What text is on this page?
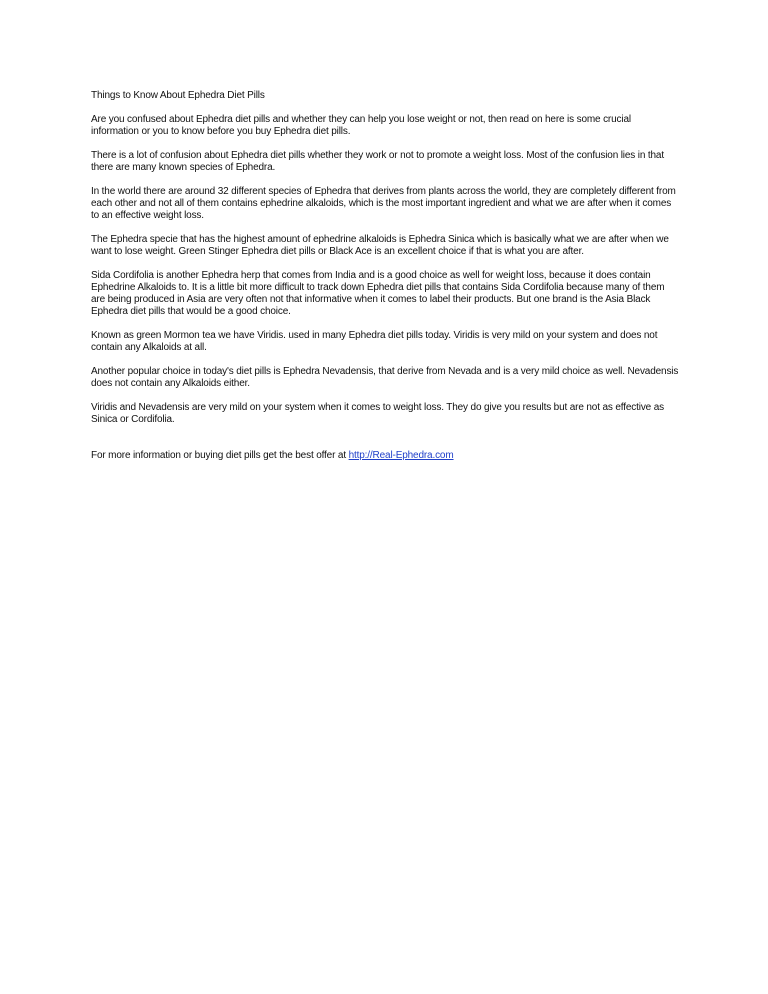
Things to Know About Ephedra Diet Pills

Are you confused about Ephedra diet pills and whether they can help you lose weight or not, then read on here is some crucial information or you to know before you buy Ephedra diet pills.

There is a lot of confusion about Ephedra diet pills whether they work or not to promote a weight loss. Most of the confusion lies in that there are many known species of Ephedra.

In the world there are around 32 different species of Ephedra that derives from plants across the world, they are completely different from each other and not all of them contains ephedrine alkaloids, which is the most important ingredient and what we are after when it comes to an effective weight loss.

The Ephedra specie that has the highest amount of ephedrine alkaloids is Ephedra Sinica which is basically what we are after when we want to lose weight. Green Stinger Ephedra diet pills or Black Ace is an excellent choice if that is what you are after.

Sida Cordifolia is another Ephedra herp that comes from India and is a good choice as well for weight loss, because it does contain Ephedrine Alkaloids to. It is a little bit more difficult to track down Ephedra diet pills that contains Sida Cordifolia because many of them are being produced in Asia are very often not that informative when it comes to label their products. But one brand is the Asia Black Ephedra diet pills that would be a good choice.

Known as green Mormon tea we have Viridis. used in many Ephedra diet pills today. Viridis is very mild on your system and does not contain any Alkaloids at all.

Another popular choice in today's diet pills is Ephedra Nevadensis, that derive from Nevada and is a very mild choice as well. Nevadensis does not contain any Alkaloids either.

Viridis and Nevadensis are very mild on your system when it comes to weight loss. They do give you results but are not as effective as Sinica or Cordifolia.

For more information or buying diet pills get the best offer at http://Real-Ephedra.com
